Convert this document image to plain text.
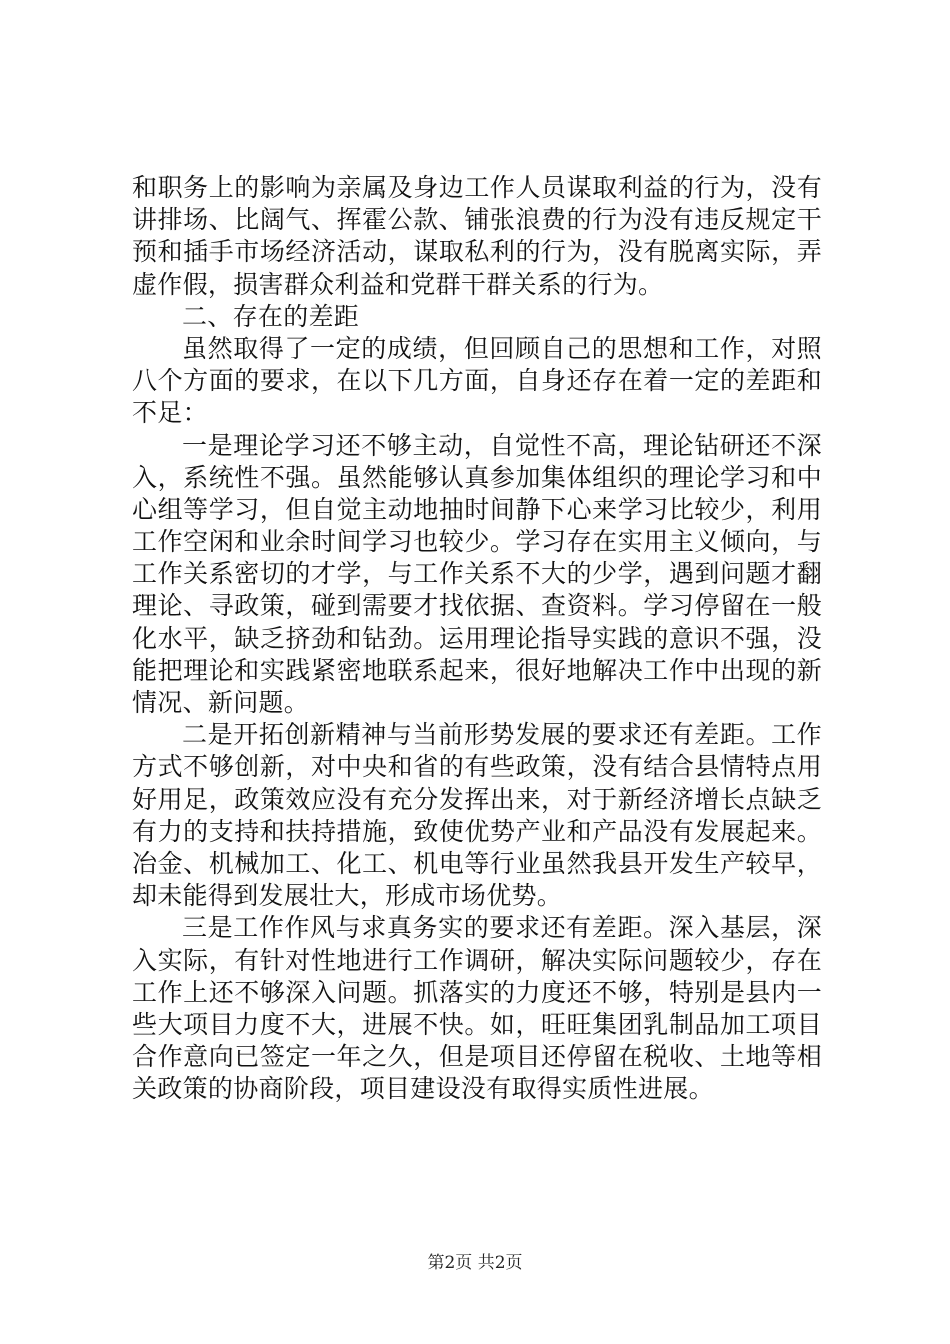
和职务上的影响为亲属及身边工作人员谋取利益的行为，没有
讲排场、比阔气、挥霍公款、铺张浪费的行为没有违反规定干
预和插手市场经济活动，谋取私利的行为，没有脱离实际，弄
虚作假，损害群众利益和党群干群关系的行为。
二、存在的差距
虽然取得了一定的成绩，但回顾自己的思想和工作，对照
八个方面的要求，在以下几方面，自身还存在着一定的差距和
不足：
一是理论学习还不够主动，自觉性不高，理论钻研还不深
入，系统性不强。虽然能够认真参加集体组织的理论学习和中
心组等学习，但自觉主动地抽时间静下心来学习比较少，利用
工作空闲和业余时间学习也较少。学习存在实用主义倾向，与
工作关系密切的才学，与工作关系不大的少学，遇到问题才翻
理论、寻政策，碰到需要才找依据、查资料。学习停留在一般
化水平，缺乏挤劲和钻劲。运用理论指导实践的意识不强，没
能把理论和实践紧密地联系起来，很好地解决工作中出现的新
情况、新问题。
二是开拓创新精神与当前形势发展的要求还有差距。工作
方式不够创新，对中央和省的有些政策，没有结合县情特点用
好用足，政策效应没有充分发挥出来，对于新经济增长点缺乏
有力的支持和扶持措施，致使优势产业和产品没有发展起来。
冶金、机械加工、化工、机电等行业虽然我县开发生产较早，
却未能得到发展壮大，形成市场优势。
三是工作作风与求真务实的要求还有差距。深入基层，深
入实际，有针对性地进行工作调研，解决实际问题较少，存在
工作上还不够深入问题。抓落实的力度还不够，特别是县内一
些大项目力度不大，进展不快。如，旺旺集团乳制品加工项目
合作意向已签定一年之久，但是项目还停留在税收、土地等相
关政策的协商阶段，项目建设没有取得实质性进展。
第2页 共2页
